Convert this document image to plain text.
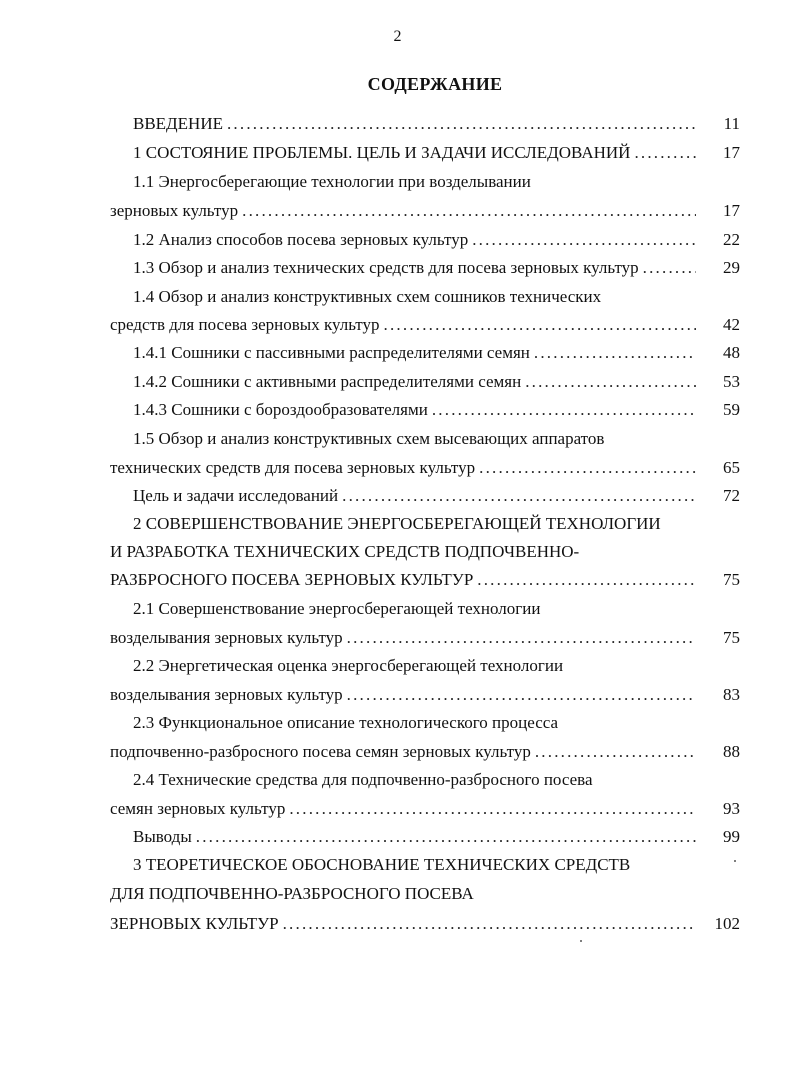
2
СОДЕРЖАНИЕ
11
ВВЕДЕНИЕ
.....
17
1 СОСТОЯНИЕ ПРОБЛЕМЫ. ЦЕЛЬ И ЗАДАЧИ ИССЛЕДОВАНИЙ
.....
1.1 Энергосберегающие технологии при возделывании
17
зерновых культур
.....
22
1.2 Анализ способов посева зерновых культур
.....
29
1.3 Обзор и анализ технических средств для посева зерновых культур
.....
1.4 Обзор и анализ конструктивных схем сошников технических
42
средств для посева зерновых культур
.....
48
1.4.1 Сошники с пассивными распределителями семян
.....
53
1.4.2 Сошники с активными распределителями семян
.....
59
1.4.3 Сошники с бороздообразователями
.....
1.5 Обзор и анализ конструктивных схем высевающих аппаратов
65
технических средств для посева зерновых культур
.....
72
Цель и задачи исследований
.....
2 СОВЕРШЕНСТВОВАНИЕ ЭНЕРГОСБЕРЕГАЮЩЕЙ ТЕХНОЛОГИИ
И РАЗРАБОТКА ТЕХНИЧЕСКИХ СРЕДСТВ ПОДПОЧВЕННО-
75
РАЗБРОСНОГО ПОСЕВА ЗЕРНОВЫХ КУЛЬТУР
.....
2.1 Совершенствование энергосберегающей технологии
75
возделывания зерновых культур
.....
2.2 Энергетическая оценка энергосберегающей технологии
83
возделывания зерновых культур
.....
2.3 Функциональное описание технологического процесса
88
подпочвенно-разбросного посева семян зерновых культур
.....
2.4 Технические средства для подпочвенно-разбросного посева
93
семян зерновых культур
.....
99
Выводы
.....
3 ТЕОРЕТИЧЕСКОЕ ОБОСНОВАНИЕ ТЕХНИЧЕСКИХ СРЕДСТВ
ДЛЯ ПОДПОЧВЕННО-РАЗБРОСНОГО ПОСЕВА
102
ЗЕРНОВЫХ КУЛЬТУР
.....
